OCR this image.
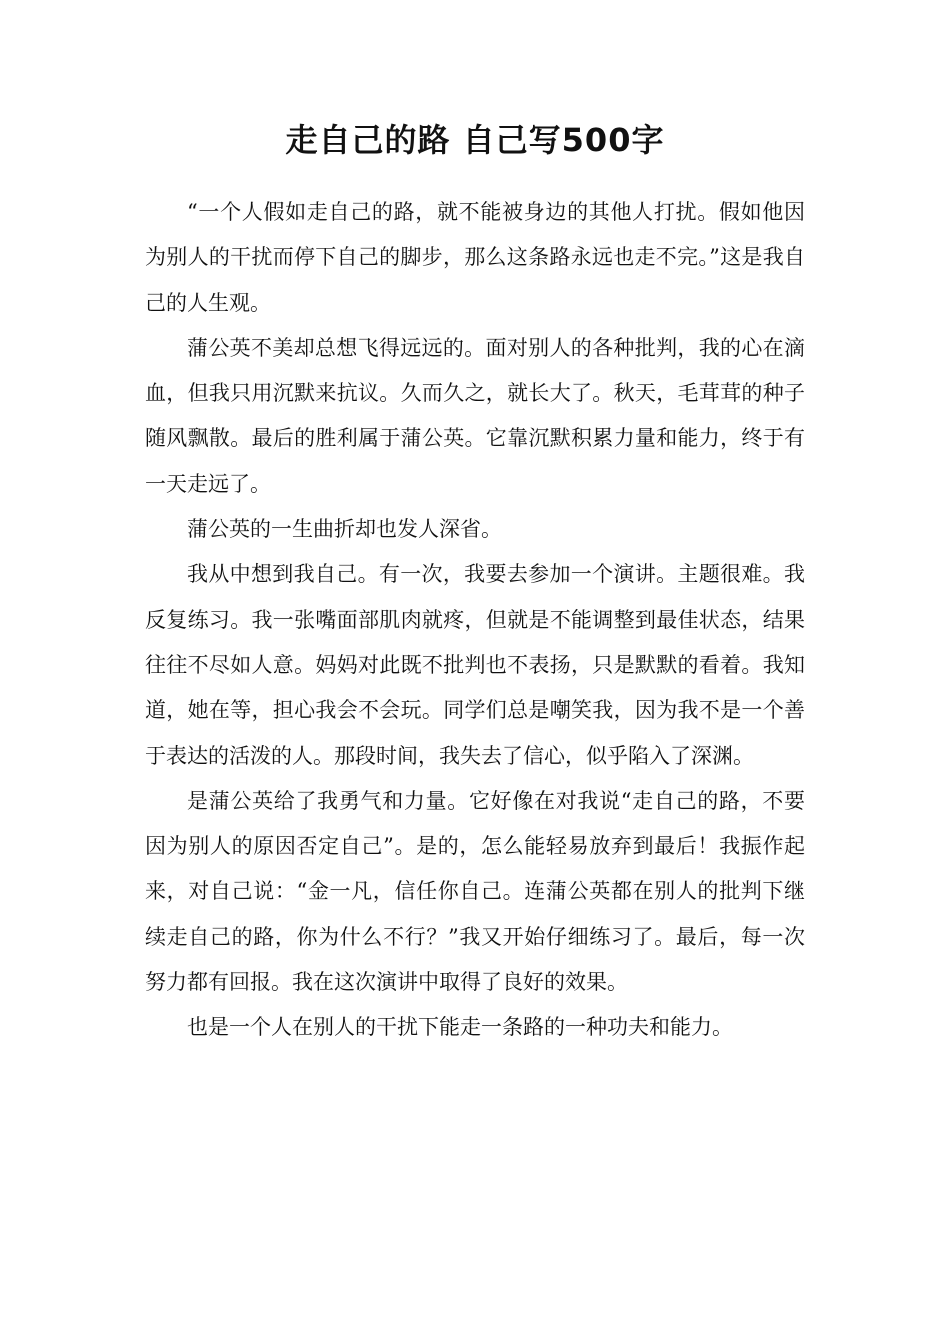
走自己的路 自己写500字

“一个人假如走自己的路，就不能被身边的其他人打扰。假如他因为别人的干扰而停下自己的脚步，那么这条路永远也走不完。”这是我自己的人生观。

蒲公英不美却总想飞得远远的。面对别人的各种批判，我的心在滴血，但我只用沉默来抗议。久而久之，就长大了。秋天，毛茸茸的种子随风飘散。最后的胜利属于蒲公英。它靠沉默积累力量和能力，终于有一天走远了。

蒲公英的一生曲折却也发人深省。

我从中想到我自己。有一次，我要去参加一个演讲。主题很难。我反复练习。我一张嘴面部肌肉就疼，但就是不能调整到最佳状态，结果往往不尽如人意。妈妈对此既不批判也不表扬，只是默默的看着。我知道，她在等，担心我会不会玩。同学们总是嘲笑我，因为我不是一个善于表达的活泼的人。那段时间，我失去了信心，似乎陷入了深渊。

是蒲公英给了我勇气和力量。它好像在对我说“走自己的路，不要因为别人的原因否定自己”。是的，怎么能轻易放弃到最后！我振作起来，对自己说：“金一凡，信任你自己。连蒲公英都在别人的批判下继续走自己的路，你为什么不行？”我又开始仔细练习了。最后，每一次努力都有回报。我在这次演讲中取得了良好的效果。

也是一个人在别人的干扰下能走一条路的一种功夫和能力。
